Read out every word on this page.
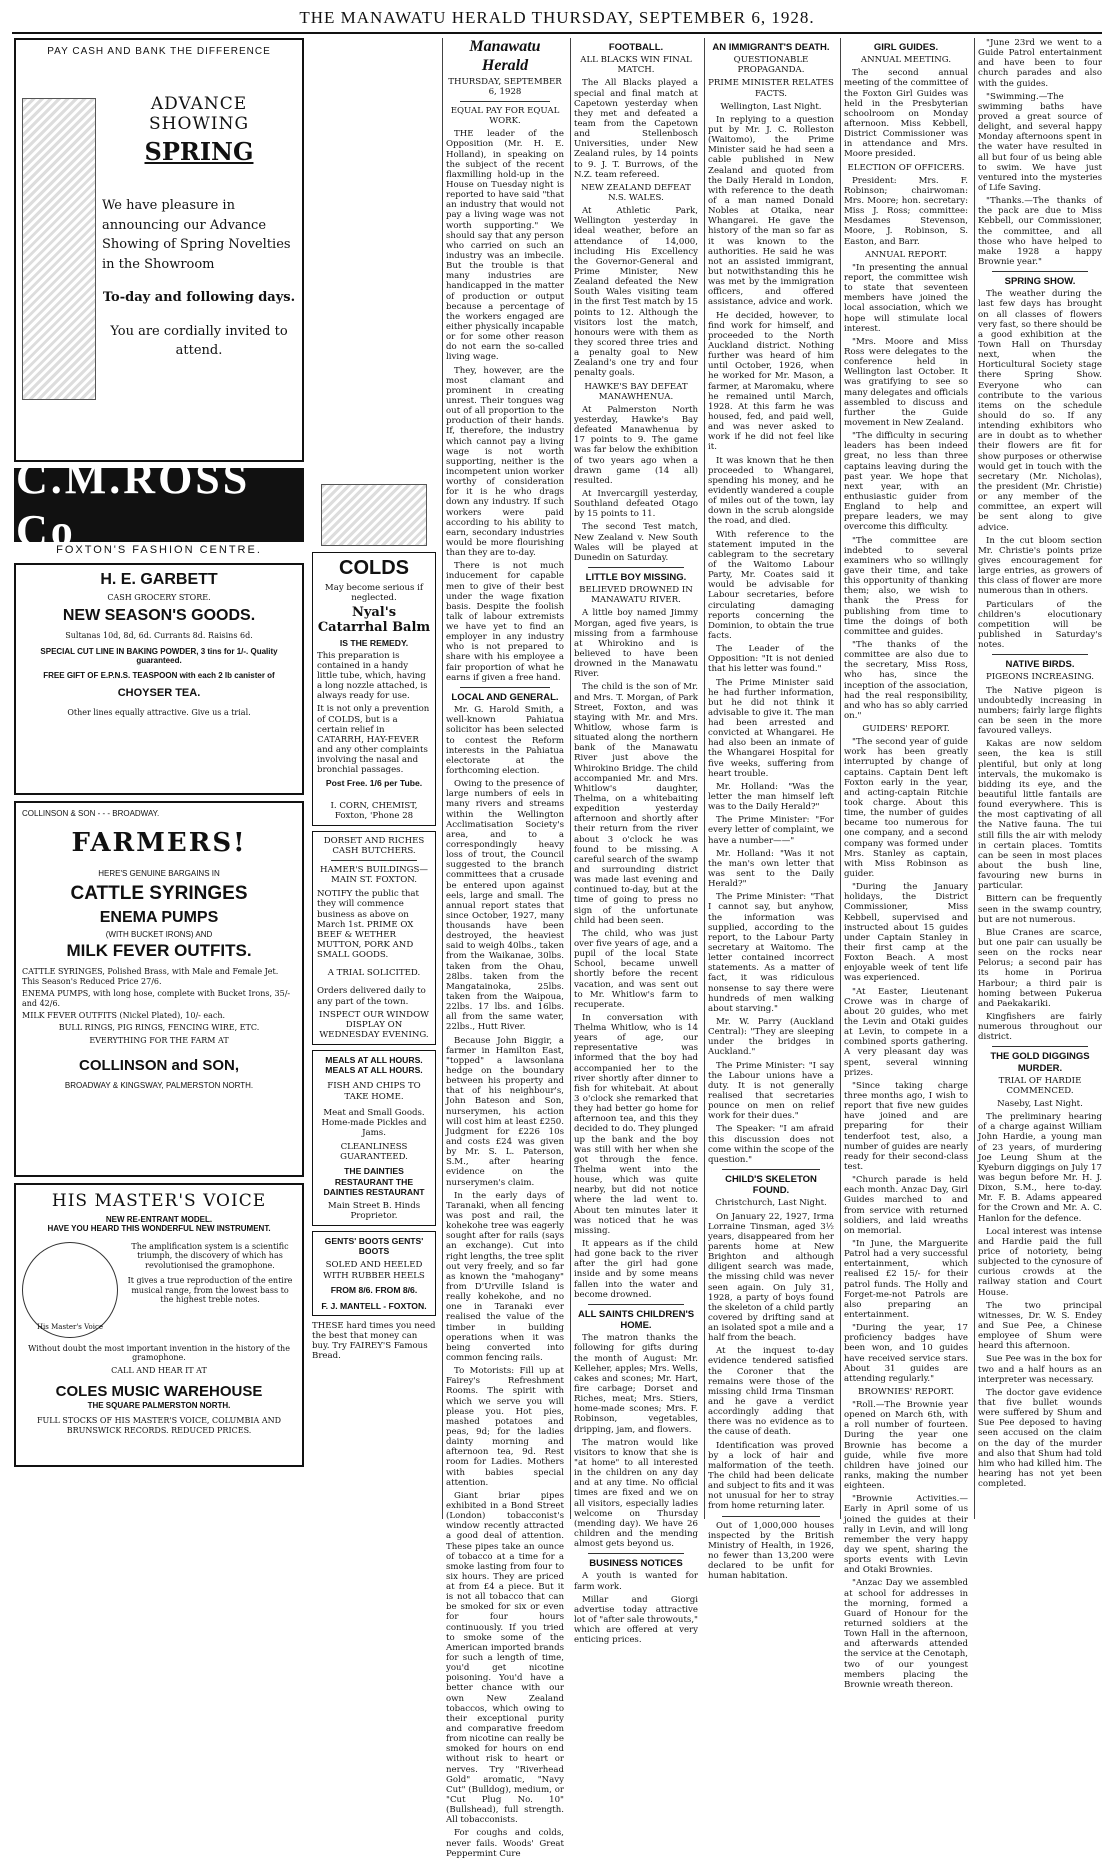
THE MANAWATU HERALD THURSDAY, SEPTEMBER 6, 1928.
PAY CASH AND BANK THE DIFFERENCE
ADVANCE SHOWING
SPRING
We have pleasure in announcing our Advance Showing of Spring Novelties in the Showroom
To-day and following days.
You are cordially invited to attend.
C.M.ROSS Co
FOXTON'S FASHION CENTRE.
H. E. GARBETT
CASH GROCERY STORE.
NEW SEASON'S GOODS.
Sultanas 10d, 8d, 6d. Currants 8d. Raisins 6d.
SPECIAL CUT LINE IN BAKING POWDER, 3 tins for 1/-. Quality guaranteed.
FREE GIFT OF E.P.N.S. TEASPOON with each 2 lb canister of
CHOYSER TEA.
Other lines equally attractive. Give us a trial.
COLLINSON & SON - - - BROADWAY.
FARMERS!
HERE'S GENUINE BARGAINS IN
CATTLE SYRINGES
ENEMA PUMPS
(WITH BUCKET IRONS) AND
MILK FEVER OUTFITS.
CATTLE SYRINGES, Polished Brass, with Male and Female Jet. This Season's Reduced Price 27/6.
ENEMA PUMPS, with long hose, complete with Bucket Irons, 35/- and 42/6.
MILK FEVER OUTFITS (Nickel Plated), 10/- each.
BULL RINGS, PIG RINGS, FENCING WIRE, ETC.
EVERYTHING FOR THE FARM AT
COLLINSON and SON,
BROADWAY & KINGSWAY, PALMERSTON NORTH.
HIS MASTER'S VOICE
NEW RE-ENTRANT MODEL.
HAVE YOU HEARD THIS WONDERFUL NEW INSTRUMENT.
His Master's Voice
The amplification system is a scientific triumph, the discovery of which has revolutionised the gramophone.
It gives a true reproduction of the entire musical range, from the lowest bass to the highest treble notes.
Without doubt the most important invention in the history of the gramophone.
CALL AND HEAR IT AT
COLES MUSIC WAREHOUSE
THE SQUARE PALMERSTON NORTH.
FULL STOCKS OF HIS MASTER'S VOICE, COLUMBIA AND BRUNSWICK RECORDS. REDUCED PRICES.
COLDS
May become serious if neglected.
Nyal's Catarrhal Balm
IS THE REMEDY.
This preparation is contained in a handy little tube, which, having a long nozzle attached, is always ready for use.
It is not only a prevention of COLDS, but is a certain relief in CATARRH, HAY-FEVER and any other complaints involving the nasal and bronchial passages.
Post Free. 1/6 per Tube.
I. CORN, CHEMIST,
Foxton, 'Phone 28
DORSET AND RICHES CASH BUTCHERS.
HAMER'S BUILDINGS—MAIN ST. FOXTON.
NOTIFY the public that they will commence business as above on March 1st. PRIME OX BEEF & WETHER MUTTON, PORK AND SMALL GOODS.
A TRIAL SOLICITED.
Orders delivered daily to any part of the town.
INSPECT OUR WINDOW DISPLAY ON WEDNESDAY EVENING.
MEALS AT ALL HOURS. MEALS AT ALL HOURS.
FISH AND CHIPS TO TAKE HOME.
Meat and Small Goods. Home-made Pickles and Jams.
CLEANLINESS GUARANTEED.
THE DAINTIES RESTAURANT THE DAINTIES RESTAURANT
Main Street B. Hinds Proprietor.
GENTS' BOOTS GENTS' BOOTS
SOLED AND HEELED WITH RUBBER HEELS
FROM 8/6. FROM 8/6.
F. J. MANTELL - FOXTON.
THESE hard times you need the best that money can buy. Try FAIREY'S Famous Bread.
Manawatu Herald
THURSDAY, SEPTEMBER 6, 1928
EQUAL PAY FOR EQUAL WORK.

THE leader of the Opposition (Mr. H. E. Holland), in speaking on the subject of the recent flaxmilling hold-up in the House on Tuesday night is reported to have said "that an industry that would not pay a living wage was not worth supporting." We should say that any person who carried on such an industry was an imbecile. But the trouble is that many industries are handicapped in the matter of production or output because a percentage of the workers engaged are either physically incapable or for some other reason do not earn the so-called living wage.

They, however, are the most clamant and prominent in creating unrest. Their tongues wag out of all proportion to the production of their hands. If, therefore, the industry which cannot pay a living wage is not worth supporting, neither is the incompetent union worker worthy of consideration for it is he who drags down any industry. If such workers were paid according to his ability to earn, secondary industries would be more flourishing than they are to-day.

There is not much inducement for capable men to give of their best under the wage fixation basis. Despite the foolish talk of labour extremists we have yet to find an employer in any industry who is not prepared to share with his employee a fair proportion of what he earns if given a free hand.

LOCAL AND GENERAL.

Mr. G. Harold Smith, a well-known Pahiatua solicitor has been selected to contest the Reform interests in the Pahiatua electorate at the forthcoming election.

Owing to the presence of large numbers of eels in many rivers and streams within the Wellington Acclimatisation Society's area, and to a correspondingly heavy loss of trout, the Council suggested to the branch committees that a crusade be entered upon against eels, large and small. The annual report states that since October, 1927, many thousands have been destroyed, the heaviest said to weigh 40lbs., taken from the Waikanae, 30lbs. taken from the Ohau, 28lbs. taken from the Mangatainoka, 25lbs. taken from the Waipoua, 22lbs. 17 lbs. and 16lbs. all from the same water, 22lbs., Hutt River.

Because John Biggir, a farmer in Hamilton East, "topped" a lawsonlana hedge on the boundary between his property and that of his neighbour's, John Bateson and Son, nurserymen, his action will cost him at least £250. Judgment for £226 10s and costs £24 was given by Mr. S. L. Paterson, S.M., after hearing evidence on the nurserymen's claim.

In the early days of Taranaki, when all fencing was post and rail, the kohekohe tree was eagerly sought after for rails (says an exchange). Cut into right lengths, the tree split out very freely, and so far as known the "mahogany" from D'Urville Island is really kohekohe, and no one in Taranaki ever realised the value of the timber in building operations when it was being converted into common fencing rails.

To Motorists: Fill up at Fairey's Refreshment Rooms. The spirit with which we serve you will please you. Hot pies, mashed potatoes and peas, 9d; for the ladies dainty morning and afternoon tea, 9d. Rest room for Ladies. Mothers with babies special attention.

Giant briar pipes exhibited in a Bond Street (London) tobacconist's window recently attracted a good deal of attention. These pipes take an ounce of tobacco at a time for a smoke lasting from four to six hours. They are priced at from £4 a piece. But it is not all tobacco that can be smoked for six or even for four hours continuously. If you tried to smoke some of the American imported brands for such a length of time, you'd get nicotine poisoning. You'd have a better chance with our own New Zealand tobaccos, which owing to their exceptional purity and comparative freedom from nicotine can really be smoked for hours on end without risk to heart or nerves. Try "Riverhead Gold" aromatic, "Navy Cut" (Bulldog), medium, or "Cut Plug No. 10" (Bullshead), full strength. All tobacconists.

For coughs and colds, never fails. Woods' Great Peppermint Cure

FOOTBALL.
ALL BLACKS WIN FINAL MATCH.

The All Blacks played a special and final match at Capetown yesterday when they met and defeated a team from the Capetown and Stellenbosch Universities, under New Zealand rules, by 14 points to 9. J. T. Burrows, of the N.Z. team refereed.

NEW ZEALAND DEFEAT N.S. WALES.

At Athletic Park, Wellington yesterday in ideal weather, before an attendance of 14,000, including His Excellency the Governor-General and Prime Minister, New Zealand defeated the New South Wales visiting team in the first Test match by 15 points to 12. Although the visitors lost the match, honours were with them as they scored three tries and a penalty goal to New Zealand's one try and four penalty goals.

HAWKE'S BAY DEFEAT MANAWHENUA.

At Palmerston North yesterday, Hawke's Bay defeated Manawhenua by 17 points to 9. The game was far below the exhibition of two years ago when a drawn game (14 all) resulted.

At Invercargill yesterday, Southland defeated Otago by 15 points to 11.

The second Test match, New Zealand v. New South Wales will be played at Dunedin on Saturday.

LITTLE BOY MISSING.
BELIEVED DROWNED IN MANAWATU RIVER.

A little boy named Jimmy Morgan, aged five years, is missing from a farmhouse at Whirokino and is believed to have been drowned in the Manawatu River.

The child is the son of Mr. and Mrs. T. Morgan, of Park Street, Foxton, and was staying with Mr. and Mrs. Whitlow, whose farm is situated along the northern bank of the Manawatu River just above the Whirokino Bridge. The child accompanied Mr. and Mrs. Whitlow's daughter, Thelma, on a whitebaiting expedition yesterday afternoon and shortly after their return from the river about 3 o'clock he was found to be missing. A careful search of the swamp and surrounding district was made last evening and continued to-day, but at the time of going to press no sign of the unfortunate child had been seen.

The child, who was just over five years of age, and a pupil of the local State School, became unwell shortly before the recent vacation, and was sent out to Mr. Whitlow's farm to recuperate.

In conversation with Thelma Whitlow, who is 14 years of age, our representative was informed that the boy had accompanied her to the river shortly after dinner to fish for whitebait. At about 3 o'clock she remarked that they had better go home for afternoon tea, and this they decided to do. They plunged up the bank and the boy was still with her when she got through the fence. Thelma went into the house, which was quite nearby, but did not notice where the lad went to. About ten minutes later it was noticed that he was missing.

It appears as if the child had gone back to the river after the girl had gone inside and by some means fallen into the water and become drowned.

ALL SAINTS CHILDREN'S HOME.

The matron thanks the following for gifts during the month of August: Mr. Kelleher, apples; Mrs. Wells, cakes and scones; Mr. Hart, fire carbage; Dorset and Riches, meat; Mrs. Stiers, home-made scones; Mrs. F. Robinson, vegetables, dripping, jam, and flowers.

The matron would like visitors to know that she is "at home" to all interested in the children on any day and at any time. No official times are fixed and we on all visitors, especially ladies welcome on Thursday (mending day). We have 26 children and the mending almost gets beyond us.

BUSINESS NOTICES

A youth is wanted for farm work.

Millar and Giorgi advertise today attractive lot of "after sale throwouts," which are offered at very enticing prices.

AN IMMIGRANT'S DEATH.
QUESTIONABLE PROPAGANDA.
PRIME MINISTER RELATES FACTS.
Wellington, Last Night.

In replying to a question put by Mr. J. C. Rolleston (Waitomo), the Prime Minister said he had seen a cable published in New Zealand and quoted from the Daily Herald in London, with reference to the death of a man named Donald Nobles at Otaika, near Whangarei. He gave the history of the man so far as it was known to the authorities. He said he was not an assisted immigrant, but notwithstanding this he was met by the immigration officers, and offered assistance, advice and work.

He decided, however, to find work for himself, and proceeded to the North Auckland district. Nothing further was heard of him until October, 1926, when he worked for Mr. Mason, a farmer, at Maromaku, where he remained until March, 1928. At this farm he was housed, fed, and paid well, and was never asked to work if he did not feel like it.

It was known that he then proceeded to Whangarei, spending his money, and he evidently wandered a couple of miles out of the town, lay down in the scrub alongside the road, and died.

With reference to the statement imputed in the cablegram to the secretary of the Waitomo Labour Party, Mr. Coates said it would be advisable for Labour secretaries, before circulating damaging reports concerning the Dominion, to obtain the true facts.

The Leader of the Opposition: "It is not denied that his letter was found."

The Prime Minister said he had further information, but he did not think it advisable to give it. The man had been arrested and convicted at Whangarei. He had also been an inmate of the Whangarei Hospital for five weeks, suffering from heart trouble.

Mr. Holland: "Was the letter the man himself left was to the Daily Herald?"

The Prime Minister: "For every letter of complaint, we have a number——"

Mr. Holland: "Was it not the man's own letter that was sent to the Daily Herald?"

The Prime Minister: "That I cannot say, but anyhow, the information was supplied, according to the report, to the Labour Party secretary at Waitomo. The letter contained incorrect statements. As a matter of fact, it was ridiculous nonsense to say there were hundreds of men walking about starving."

Mr. W. Parry (Auckland Central): "They are sleeping under the bridges in Auckland."

The Prime Minister: "I say the Labour unions have a duty. It is not generally realised that secretaries pounce on men on relief work for their dues."

The Speaker: "I am afraid this discussion does not come within the scope of the question."

CHILD'S SKELETON FOUND.
Christchurch, Last Night.

On January 22, 1927, Irma Lorraine Tinsman, aged 3½ years, disappeared from her parents home at New Brighton and although diligent search was made, the missing child was never seen again. On July 31, 1928, a party of boys found the skeleton of a child partly covered by drifting sand at an isolated spot a mile and a half from the beach.

At the inquest to-day evidence tendered satisfied the Coroner that the remains were those of the missing child Irma Tinsman and he gave a verdict accordingly adding that there was no evidence as to the cause of death.

Identification was proved by a lock of hair and malformation of the teeth. The child had been delicate and subject to fits and it was not unusual for her to stray from home returning later.

Out of 1,000,000 houses inspected by the British Ministry of Health, in 1926, no fewer than 13,200 were declared to be unfit for human habitation.

GIRL GUIDES.
ANNUAL MEETING.

The second annual meeting of the committee of the Foxton Girl Guides was held in the Presbyterian schoolroom on Monday afternoon. Miss Kebbell, District Commissioner was in attendance and Mrs. Moore presided.

ELECTION OF OFFICERS.

President: Mrs. F. Robinson; chairwoman: Mrs. Moore; hon. secretary: Miss J. Ross; committee: Mesdames Stevenson, Moore, J. Robinson, S. Easton, and Barr.

ANNUAL REPORT.

"In presenting the annual report, the committee wish to state that seventeen members have joined the local association, which we hope will stimulate local interest.

"Mrs. Moore and Miss Ross were delegates to the conference held in Wellington last October. It was gratifying to see so many delegates and officials assembled to discuss and further the Guide movement in New Zealand.

"The difficulty in securing leaders has been indeed great, no less than three captains leaving during the past year. We hope that next year, with an enthusiastic guider from England to help and prepare leaders, we may overcome this difficulty.

"The committee are indebted to several examiners who so willingly gave their time, and take this opportunity of thanking them; also, we wish to thank the Press for publishing from time to time the doings of both committee and guides.

"The thanks of the committee are also due to the secretary, Miss Ross, who has, since the inception of the association, had the real responsibility, and who has so ably carried on."

GUIDERS' REPORT.

"The second year of guide work has been greatly interrupted by change of captains. Captain Dent left Foxton early in the year, and acting-captain Ritchie took charge. About this time, the number of guides became too numerous for one company, and a second company was formed under Mrs. Stanley as captain, with Miss Robinson as guider.

"During the January holidays, the District Commissioner, Miss Kebbell, supervised and instructed about 15 guides under Captain Stanley in their first camp at the Foxton Beach. A most enjoyable week of tent life was experienced.

"At Easter, Lieutenant Crowe was in charge of about 20 guides, who met the Levin and Otaki guides at Levin, to compete in a combined sports gathering. A very pleasant day was spent, several winning prizes.

"Since taking charge three months ago, I wish to report that five new guides have joined and are preparing for their tenderfoot test, also, a number of guides are nearly ready for their second-class test.

"Church parade is held each month. Anzac Day, Girl Guides marched to and from service with returned soldiers, and laid wreaths on memorial.

"In June, the Marguerite Patrol had a very successful entertainment, which realised £2 15/- for their patrol funds. The Holly and Forget-me-not Patrols are also preparing an entertainment.

"During the year, 17 proficiency badges have been won, and 10 guides have received service stars. About 31 guides are attending regularly."

BROWNIES' REPORT.

"Roll.—The Brownie year opened on March 6th, with a roll number of fourteen. During the year one Brownie has become a guide, while five more children have joined our ranks, making the number eighteen.

"Brownie Activities.—Early in April some of us joined the guides at their rally in Levin, and will long remember the very happy day we spent, sharing the sports events with Levin and Otaki Brownies.

"Anzac Day we assembled at school for addresses in the morning, formed a Guard of Honour for the returned soldiers at the Town Hall in the afternoon, and afterwards attended the service at the Cenotaph, two of our youngest members placing the Brownie wreath thereon.

"June 23rd we went to a Guide Patrol entertainment and have been to four church parades and also with the guides.

"Swimming.—The swimming baths have proved a great source of delight, and several happy Monday afternoons spent in the water have resulted in all but four of us being able to swim. We have just ventured into the mysteries of Life Saving.

"Thanks.—The thanks of the pack are due to Miss Kebbell, our Commissioner, the committee, and all those who have helped to make 1928 a happy Brownie year."

SPRING SHOW.

The weather during the last few days has brought on all classes of flowers very fast, so there should be a good exhibition at the Town Hall on Thursday next, when the Horticultural Society stage there Spring Show. Everyone who can contribute to the various items on the schedule should do so. If any intending exhibitors who are in doubt as to whether their flowers are fit for show purposes or otherwise would get in touch with the secretary (Mr. Nicholas), the president (Mr. Christie) or any member of the committee, an expert will be sent along to give advice.

In the cut bloom section Mr. Christie's points prize gives encouragement for large entries, as growers of this class of flower are more numerous than in others.

Particulars of the children's elocutionary competition will be published in Saturday's notes.

NATIVE BIRDS.
PIGEONS INCREASING.

The Native pigeon is undoubtedly increasing in numbers; fairly large flights can be seen in the more favoured valleys.

Kakas are now seldom seen, the kea is still plentiful, but only at long intervals, the mukomako is bidding its eye, and the beautiful little fantails are found everywhere. This is the most captivating of all the Native fauna. The tui still fills the air with melody in certain places. Tomtits can be seen in most places about the bush line, favouring new burns in particular.

Bittern can be frequently seen in the swamp country, but are not numerous.

Blue Cranes are scarce, but one pair can usually be seen on the rocks near Pelorus; a second pair has its home in Porirua Harbour; a third pair is homing between Pukerua and Paekakariki.

Kingfishers are fairly numerous throughout our district.

THE GOLD DIGGINGS MURDER.
TRIAL OF HARDIE COMMENCED.
Naseby, Last Night.

The preliminary hearing of a charge against William John Hardie, a young man of 23 years, of murdering Joe Leung Shum at the Kyeburn diggings on July 17 was begun before Mr. H. J. Dixon, S.M., here to-day. Mr. F. B. Adams appeared for the Crown and Mr. A. C. Hanlon for the defence.

Local interest was intense and Hardie paid the full price of notoriety, being subjected to the cynosure of curious crowds at the railway station and Court House.

The two principal witnesses, Dr. W. S. Endey and Sue Pee, a Chinese employee of Shum were heard this afternoon.

Sue Pee was in the box for two and a half hours as an interpreter was necessary.

The doctor gave evidence that five bullet wounds were suffered by Shum and Sue Pee deposed to having seen accused on the claim on the day of the murder and also that Shum had told him who had killed him. The hearing has not yet been completed.
